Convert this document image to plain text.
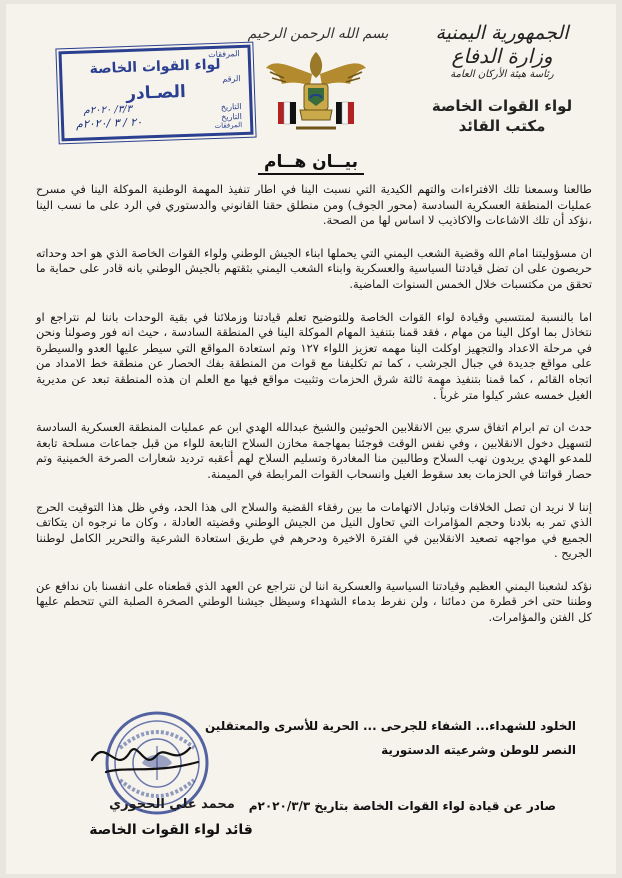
الجمهورية اليمنية
وزارة الدفاع
رئاسة هيئة الأركان العامة
لواء القوات الخاصة
مكتب القائد
بسم الله الرحمن الرحيم
المرفقات
لواء القوات الخاصة
الرقم
الصـادر
التاريخ
التاريخ
المرفقات
٣/٣/ ٢٠٢٠م
٢٠ / ٣ /٢٠٢٠م
بيــان هــام

طالعنا وسمعنا تلك الافتراءات والتهم الكيدية التي نسبت الينا في اطار تنفيذ المهمة الوطنية الموكلة الينا في مسرح عمليات المنطقة العسكرية السادسة (محور الجوف) ومن منطلق حقنا القانوني والدستوري في الرد على ما نسب الينا ،نؤكد أن تلك الاشاعات والاكاذيب لا اساس لها من الصحة.

ان مسؤوليتنا امام الله وقضية الشعب اليمني التي يحملها ابناء الجيش الوطني ولواء القوات الخاصة الذي هو احد وحداته حريصون على ان تضل قيادتنا السياسية والعسكرية وابناء الشعب اليمني بثقتهم بالجيش الوطني بانه قادر على حماية ما تحقق من مكتسبات خلال الخمس السنوات الماضية.

اما بالنسبة لمنتسبي وقيادة لواء القوات الخاصة وللتوضيح تعلم قيادتنا وزملائنا في بقية الوحدات باننا لم نتراجع او نتخاذل بما اوكل الينا من مهام ، فقد قمنا بتنفيذ المهام الموكلة الينا في المنطقة السادسة ، حيث انه فور وصولنا ونحن في مرحلة الاعداد والتجهيز اوكلت الينا مهمه تعزيز اللواء ١٢٧ وتم استعادة المواقع التي سيطر عليها العدو والسيطرة على مواقع جديدة في جبال الجرشب ، كما تم تكليفنا مع قوات من المنطقة بفك الحصار عن منطقة خط الامداد من اتجاه القائم ، كما قمنا بتنفيذ مهمة ثالثة شرق الحزمات وتثبيت مواقع فيها مع العلم ان هذه المنطقة تبعد عن مديرية الغيل خمسه عشر كيلوا متر غرباً .

حدث ان تم ابرام اتفاق سري بين الانقلابين الحوثيين والشيخ عبدالله الهدي ابن عم عمليات المنطقة العسكرية السادسة لتسهيل دخول الانقلابين ، وفي نفس الوقت فوجئنا بمهاجمة مخازن السلاح التابعة للواء من قبل جماعات مسلحة تابعة للمدعو الهدي يريدون نهب السلاح وطالبين منا المغادرة وتسليم السلاح لهم أعقبه ترديد شعارات الصرخة الخمينية وتم حصار قواتنا في الحزمات بعد سقوط الغيل وانسحاب القوات المرابطة في الميمنة.

إننا لا نريد ان تصل الخلافات وتبادل الاتهامات ما بين رفقاء القضية والسلاح الى هذا الحد، وفي ظل هذا التوقيت الحرج الذي تمر به بلادنا وحجم المؤامرات التي تحاول النيل من الجيش الوطني وقضيته العادلة ، وكان ما نرجوه ان يتكاتف الجميع في مواجهه تصعيد الانقلابين في الفترة الاخيرة ودحرهم في طريق استعادة الشرعية والتحرير الكامل لوطننا الجريح .

نؤكد لشعبنا اليمني العظيم وقيادتنا السياسية والعسكرية اننا لن نتراجع عن العهد الذي قطعناه على انفسنا بان ندافع عن وطننا حتى اخر قطرة من دمائنا ، ولن نفرط بدماء الشهداء وسيظل جيشنا الوطني الصخرة الصلبة التي تتحطم عليها كل الفتن والمؤامرات.

الخلود للشهداء... الشفاء للجرحى ... الحرية للأسرى والمعتقلين
النصر للوطن وشرعيته الدستورية
صادر عن قيادة لواء القوات الخاصة بتاريخ ٢٠٢٠/٣/٣م
محمد علي الحجوري
قائد لواء القوات الخاصة
